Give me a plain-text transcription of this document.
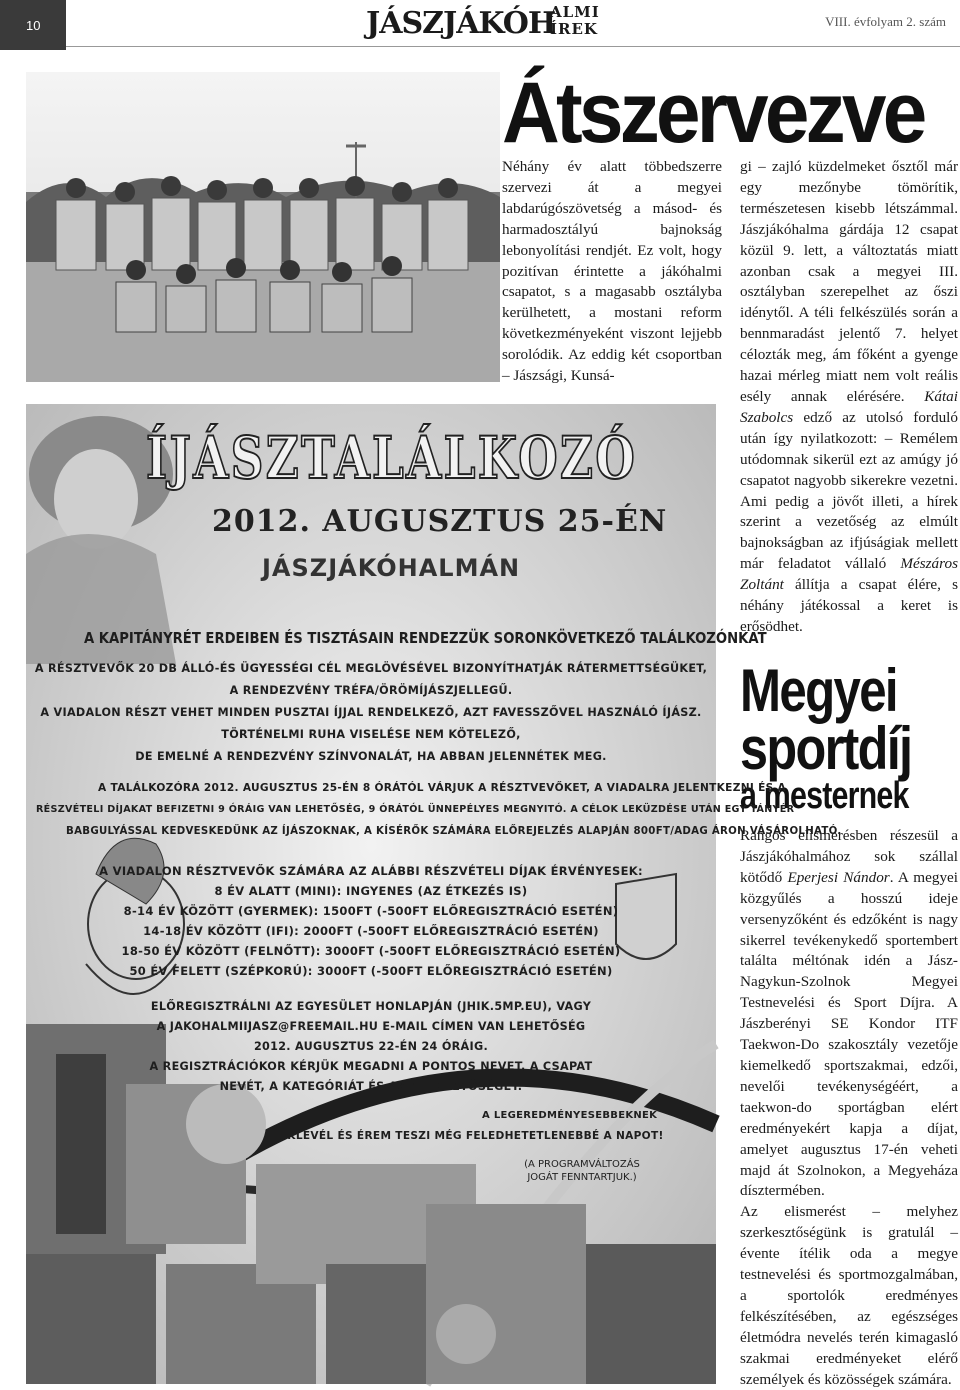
10	JÁSZJÁKÓH
ALMI
ÍREK	VIII. évfolyam 2. szám
Átszervezve
Néhány év alatt többedszerre szervezi át a megyei labdarúgószövetség a másod- és harmadosztályú bajnokság lebonyolítási rendjét. Ez volt, hogy pozitívan érintette a jákóhalmi csapatot, s a magasabb osztályba kerülhetett, a mostani reform következményeként viszont lejjebb sorolódik. Az eddig két csoportban – Jászsági, Kunsá-
gi – zajló küzdelmeket ősztől már egy mezőnybe tömörítik, természetesen kisebb létszámmal. Jászjákóhalma gárdája 12 csapat közül 9. lett, a változtatás miatt azonban csak a megyei III. osztályban szerepelhet az őszi idénytől. A téli felkészülés során a bennmaradást jelentő 7. helyet célozták meg, ám főként a gyenge hazai mérleg miatt nem volt reális esély annak elérésére. Kátai Szabolcs edző az utolsó forduló után így nyilatkozott: – Remélem utódomnak sikerül ezt az amúgy jó csapatot nagyobb sikerekre vezetni. Ami pedig a jövőt illeti, a hírek szerint a vezetőség az elmúlt bajnokságban az ifjúságiak mellett már feladatot vállaló Mészáros Zoltánt állítja a csapat élére, s néhány játékossal a keret is erősödhet.
Megyei
sportdíj
a mesternek

Rangos elismerésben részesül a Jászjákóhalmához sok szállal kötődő Eperjesi Nándor. A megyei közgyűlés a hosszú ideje versenyzőként és edzőként is nagy sikerrel tevékenykedő sportembert találta méltónak idén a Jász-Nagykun-Szolnok Megyei Testnevelési és Sport Díjra. A Jászberényi SE Kondor ITF Taekwon-Do szakosztály vezetője kiemelkedő sportszakmai, edzői, nevelői tevékenységéért, a taekwon-do sportágban elért eredményekért kapja a díjat, amelyet augusztus 17-én veheti majd át Szolnokon, a Megyeháza dísztermében.

Az elismerést – melyhez szerkesztőségünk is gratulál – évente ítélik oda a megye testnevelési és sportmozgalmában, a sportolók eredményes felkészítésében, az egészséges életmódra nevelés terén kimagasló szakmai eredményeket elérő személyek és közösségek számára.

ÍJÁSZTALÁLKOZÓ
2012. AUGUSZTUS 25-ÉN
JÁSZJÁKÓHALMÁN
A KAPITÁNYRÉT ERDEIBEN ÉS TISZTÁSAIN RENDEZZÜK SORONKÖVETKEZŐ TALÁLKOZÓNKAT
A RÉSZTVEVŐK 20 DB ÁLLÓ-ÉS ÜGYESSÉGI CÉL MEGLÖVÉSÉVEL BIZONYÍTHATJÁK RÁTERMETTSÉGÜKET,
A RENDEZVÉNY TRÉFA/ÖRÖMÍJÁSZJELLEGŰ.
A VIADALON RÉSZT VEHET MINDEN PUSZTAI ÍJJAL RENDELKEZŐ, AZT FAVESSZŐVEL HASZNÁLÓ ÍJÁSZ.
TÖRTÉNELMI RUHA VISELÉSE NEM KÖTELEZŐ,
DE EMELNÉ A RENDEZVÉNY SZÍNVONALÁT, HA ABBAN JELENNÉTEK MEG.
A TALÁLKOZÓRA 2012. AUGUSZTUS 25-ÉN 8 ÓRÁTÓL VÁRJUK A RÉSZTVEVŐKET, A VIADALRA JELENTKEZNI ÉS A
RÉSZVÉTELI DÍJAKAT BEFIZETNI 9 ÓRÁIG VAN LEHETŐSÉG, 9 ÓRÁTÓL ÜNNEPÉLYES MEGNYITÓ. A CÉLOK LEKÜZDÉSE UTÁN EGY TÁNYÉR
BABGULYÁSSAL KEDVESKEDÜNK AZ ÍJÁSZOKNAK, A KÍSÉRŐK SZÁMÁRA ELŐREJELZÉS ALAPJÁN 800FT/ADAG ÁRON VÁSÁROLHATÓ.
A VIADALON RÉSZTVEVŐK SZÁMÁRA AZ ALÁBBI RÉSZVÉTELI DÍJAK ÉRVÉNYESEK:
8 ÉV ALATT (MINI): INGYENES (AZ ÉTKEZÉS IS)
8-14 ÉV KÖZÖTT (GYERMEK): 1500FT (-500FT ELŐREGISZTRÁCIÓ ESETÉN)
14-18 ÉV KÖZÖTT (IFI): 2000FT (-500FT ELŐREGISZTRÁCIÓ ESETÉN)
18-50 ÉV KÖZÖTT (FELNŐTT): 3000FT (-500FT ELŐREGISZTRÁCIÓ ESETÉN)
50 ÉV FELETT (SZÉPKORÚ): 3000FT (-500FT ELŐREGISZTRÁCIÓ ESETÉN)
ELŐREGISZTRÁLNI AZ EGYESÜLET HONLAPJÁN (JHIK.5MP.EU), VAGY
A JAKOHALMIIJASZ@FREEMAIL.HU E-MAIL CÍMEN VAN LEHETŐSÉG
2012. AUGUSZTUS 22-ÉN 24 ÓRÁIG.
A REGISZTRÁCIÓKOR KÉRJÜK MEGADNI A PONTOS NEVET, A CSAPAT
NEVÉT, A KATEGÓRIÁT ÉS AZ ELÉRHETŐSÉGET.
A LEGEREDMÉNYESEBBEKNEK
OKLEVÉL ÉS ÉREM TESZI MÉG FELEDHETETLENEBBÉ A NAPOT!
(A PROGRAMVÁLTOZÁS
JOGÁT FENNTARTJUK.)
